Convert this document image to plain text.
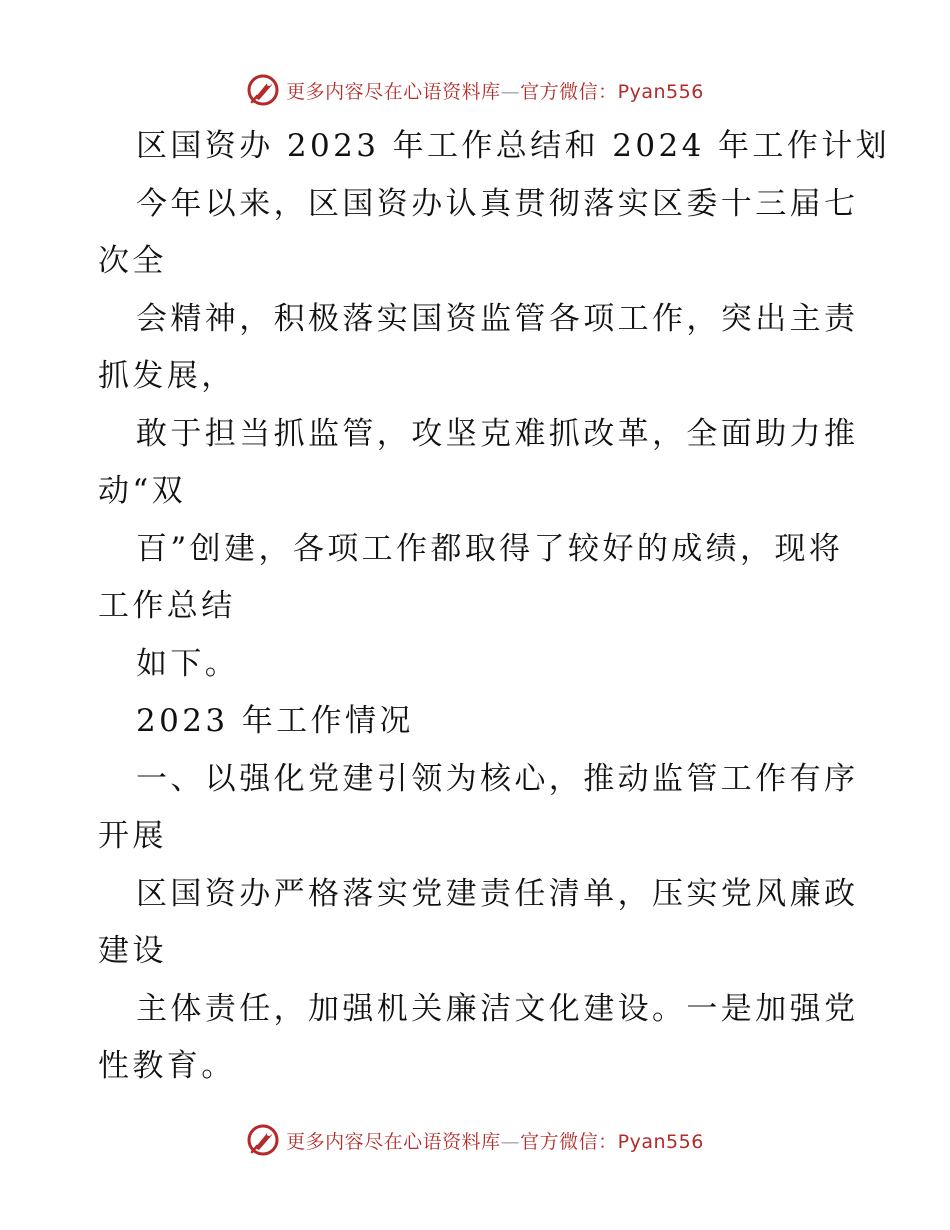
更多内容尽在心语资料库—官方微信：Pyan556
区国资办 2023 年工作总结和 2024 年工作计划
今年以来，区国资办认真贯彻落实区委十三届七
次全
会精神，积极落实国资监管各项工作，突出主责
抓发展，
敢于担当抓监管，攻坚克难抓改革，全面助力推
动“双
百”创建，各项工作都取得了较好的成绩，现将
工作总结
如下。
2023 年工作情况
一、以强化党建引领为核心，推动监管工作有序
开展
区国资办严格落实党建责任清单，压实党风廉政
建设
主体责任，加强机关廉洁文化建设。一是加强党
性教育。
更多内容尽在心语资料库—官方微信：Pyan556
